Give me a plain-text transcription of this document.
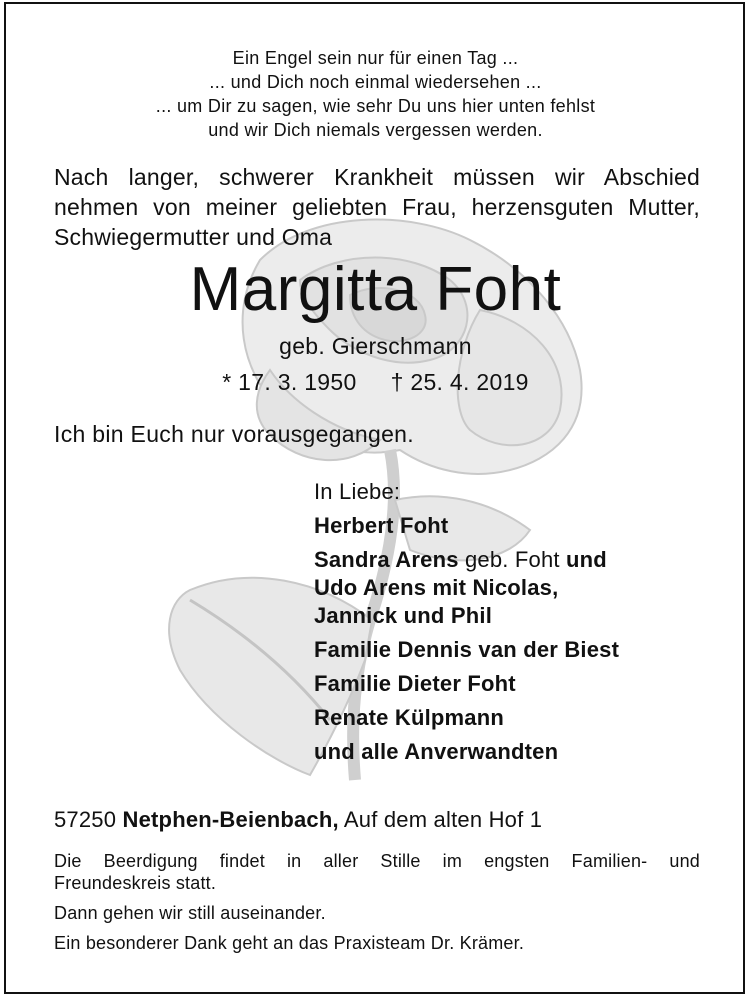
Ein Engel sein nur für einen Tag ...
... und Dich noch einmal wiedersehen ...
... um Dir zu sagen, wie sehr Du uns hier unten fehlst
und wir Dich niemals vergessen werden.
Nach langer, schwerer Krankheit müssen wir Abschied
nehmen von meiner geliebten Frau, herzensguten Mutter,
Schwiegermutter und Oma
Margitta Foht
geb. Gierschmann
* 17. 3. 1950 † 25. 4. 2019
Ich bin Euch nur vorausgegangen.
In Liebe:
Herbert Foht
Sandra Arens geb. Foht und
Udo Arens mit Nicolas,
Jannick und Phil
Familie Dennis van der Biest
Familie Dieter Foht
Renate Külpmann
und alle Anverwandten
57250 Netphen-Beienbach, Auf dem alten Hof 1
Die Beerdigung findet in aller Stille im engsten Familien- und
Freundeskreis statt.
Dann gehen wir still auseinander.
Ein besonderer Dank geht an das Praxisteam Dr. Krämer.
